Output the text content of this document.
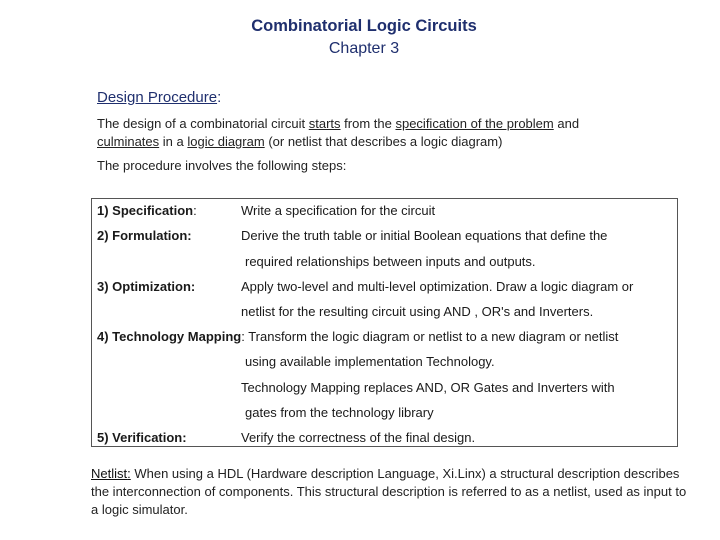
Combinatorial Logic Circuits
Chapter 3
Design Procedure:
The design of a combinatorial circuit starts from the specification of the problem and culminates in a logic diagram (or netlist that describes a logic diagram)
The procedure involves the following steps:
1) Specification:	Write a specification for the circuit
2) Formulation:	Derive the truth table or initial Boolean equations that define the
required relationships between inputs and outputs.
3) Optimization:	Apply two-level and multi-level optimization. Draw a logic diagram or
netlist for the resulting circuit using AND , OR's and Inverters.
4) Technology Mapping: Transform the logic diagram or netlist to a new diagram or netlist
using available implementation Technology.
Technology Mapping replaces AND, OR Gates and Inverters with
gates from the technology library
5) Verification:	Verify the correctness of the final design.
Netlist: When using a HDL (Hardware description Language, Xi.Linx) a structural description describes the interconnection of components. This structural description is referred to as a netlist, used as input to a logic simulator.
